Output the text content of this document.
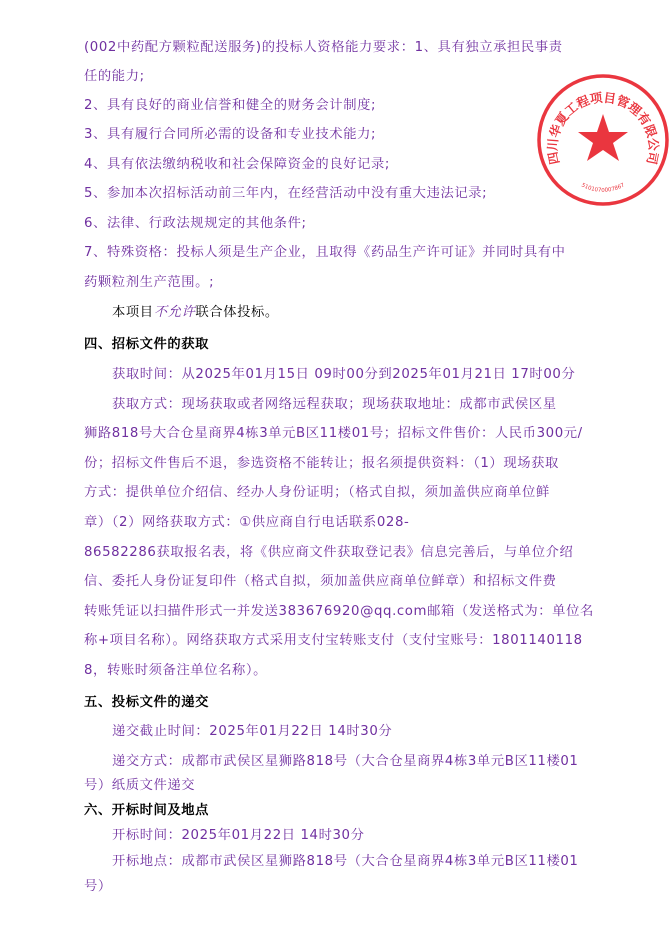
(002中药配方颗粒配送服务)的投标人资格能力要求：1、具有独立承担民事责
任的能力;
2、具有良好的商业信誉和健全的财务会计制度;
3、具有履行合同所必需的设备和专业技术能力;
4、具有依法缴纳税收和社会保障资金的良好记录;
5、参加本次招标活动前三年内，在经营活动中没有重大违法记录;
6、法律、行政法规规定的其他条件;
7、特殊资格：投标人须是生产企业，且取得《药品生产许可证》并同时具有中
药颗粒剂生产范围。;
本项目不允许联合体投标。
四、招标文件的获取
获取时间：从2025年01月15日 09时00分到2025年01月21日 17时00分
获取方式：现场获取或者网络远程获取；现场获取地址：成都市武侯区星
狮路818号大合仓星商界4栋3单元B区11楼01号；招标文件售价：人民币300元/
份；招标文件售后不退，参选资格不能转让；报名须提供资料：（1）现场获取
方式：提供单位介绍信、经办人身份证明；（格式自拟，须加盖供应商单位鲜
章）（2）网络获取方式：①供应商自行电话联系028-
86582286获取报名表，将《供应商文件获取登记表》信息完善后，与单位介绍
信、委托人身份证复印件（格式自拟，须加盖供应商单位鲜章）和招标文件费
转账凭证以扫描件形式一并发送383676920@qq.com邮箱（发送格式为：单位名
称+项目名称）。网络获取方式采用支付宝转账支付（支付宝账号：1801140118
8，转账时须备注单位名称）。
五、投标文件的递交
递交截止时间：2025年01月22日 14时30分
递交方式：成都市武侯区星狮路818号（大合仓星商界4栋3单元B区11楼01
号）纸质文件递交
六、开标时间及地点
开标时间：2025年01月22日 14时30分
开标地点：成都市武侯区星狮路818号（大合仓星商界4栋3单元B区11楼01
号）
四川华夏工程项目管理有限公司
5101070007867
